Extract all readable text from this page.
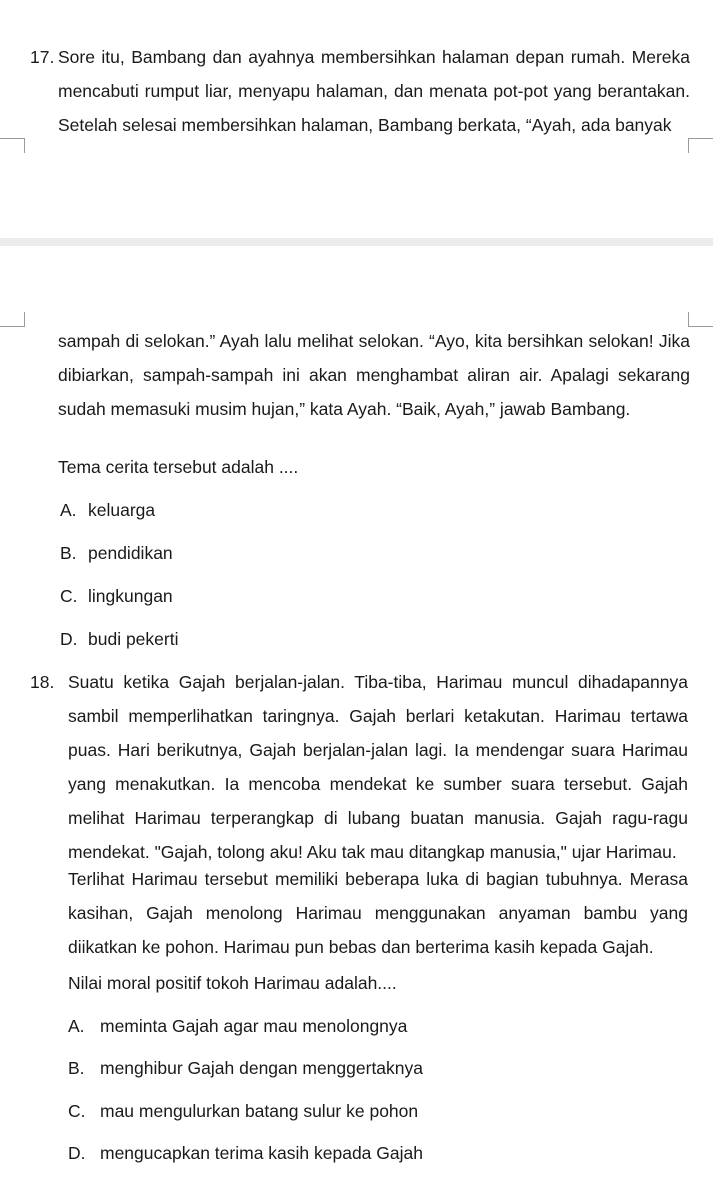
17. Sore itu, Bambang dan ayahnya membersihkan halaman depan rumah. Mereka mencabuti rumput liar, menyapu halaman, dan menata pot-pot yang berantakan. Setelah selesai membersihkan halaman, Bambang berkata, “Ayah, ada banyak

sampah di selokan.” Ayah lalu melihat selokan. “Ayo, kita bersihkan selokan! Jika dibiarkan, sampah-sampah ini akan menghambat aliran air. Apalagi sekarang sudah memasuki musim hujan,” kata Ayah. “Baik, Ayah,” jawab Bambang.

Tema cerita tersebut adalah ....

A. keluarga
B. pendidikan
C. lingkungan
D. budi pekerti
18. Suatu ketika Gajah berjalan-jalan. Tiba-tiba, Harimau muncul dihadapannya sambil memperlihatkan taringnya. Gajah berlari ketakutan. Harimau tertawa puas. Hari berikutnya, Gajah berjalan-jalan lagi. Ia mendengar suara Harimau yang menakutkan. Ia mencoba mendekat ke sumber suara tersebut. Gajah melihat Harimau terperangkap di lubang buatan manusia. Gajah ragu-ragu mendekat. "Gajah, tolong aku! Aku tak mau ditangkap manusia," ujar Harimau.

Terlihat Harimau tersebut memiliki beberapa luka di bagian tubuhnya. Merasa kasihan, Gajah menolong Harimau menggunakan anyaman bambu yang diikatkan ke pohon. Harimau pun bebas dan berterima kasih kepada Gajah.

Nilai moral positif tokoh Harimau adalah....

A. meminta Gajah agar mau menolongnya
B. menghibur Gajah dengan menggertaknya
C. mau mengulurkan batang sulur ke pohon
D. mengucapkan terima kasih kepada Gajah
